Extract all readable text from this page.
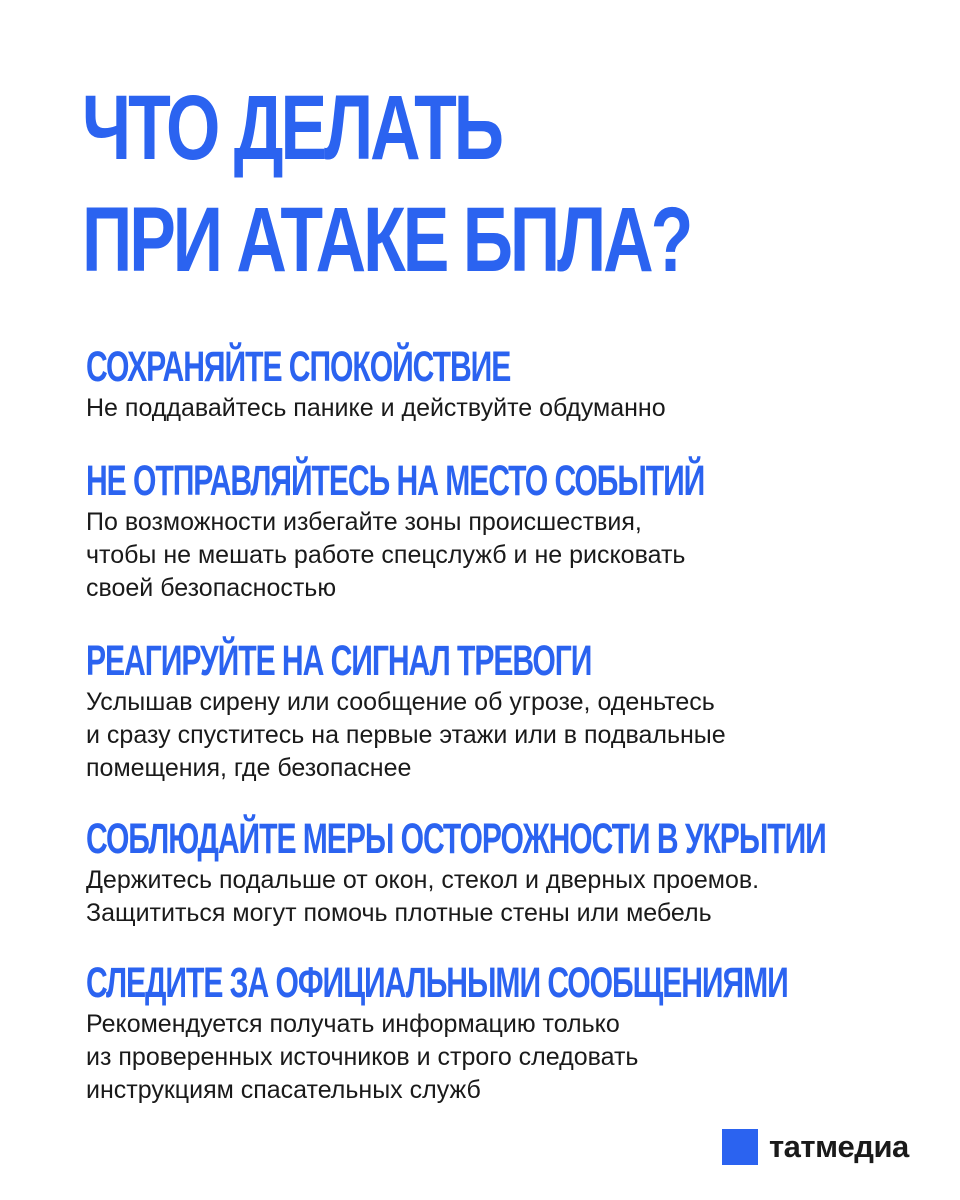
ЧТО ДЕЛАТЬ
ПРИ АТАКЕ БПЛА?
СОХРАНЯЙТЕ СПОКОЙСТВИЕ
Не поддавайтесь панике и действуйте обдуманно
НЕ ОТПРАВЛЯЙТЕСЬ НА МЕСТО СОБЫТИЙ
По возможности избегайте зоны происшествия,
чтобы не мешать работе спецслужб и не рисковать
своей безопасностью
РЕАГИРУЙТЕ НА СИГНАЛ ТРЕВОГИ
Услышав сирену или сообщение об угрозе, оденьтесь
и сразу спуститесь на первые этажи или в подвальные
помещения, где безопаснее
СОБЛЮДАЙТЕ МЕРЫ ОСТОРОЖНОСТИ В УКРЫТИИ
Держитесь подальше от окон, стекол и дверных проемов.
Защититься могут помочь плотные стены или мебель
СЛЕДИТЕ ЗА ОФИЦИАЛЬНЫМИ СООБЩЕНИЯМИ
Рекомендуется получать информацию только
из проверенных источников и строго следовать
инструкциям спасательных служб
татмедиа
